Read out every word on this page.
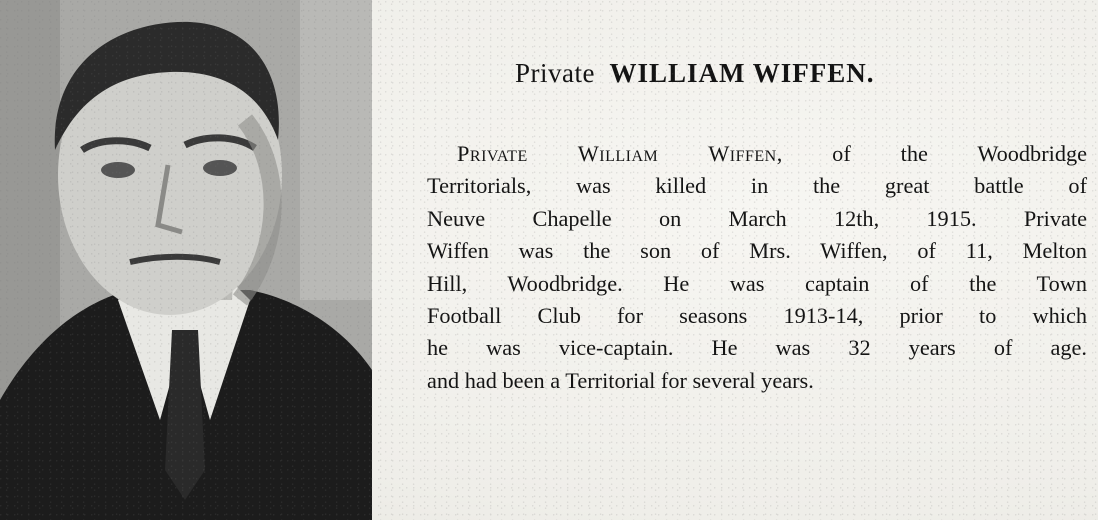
Private WILLIAM WIFFEN.
Private William Wiffen, of the Woodbridge
Territorials, was killed in the great battle of
Neuve Chapelle on March 12th, 1915. Private
Wiffen was the son of Mrs. Wiffen, of 11, Melton
Hill, Woodbridge. He was captain of the Town
Football Club for seasons 1913-14, prior to which
he was vice-captain. He was 32 years of age.
and had been a Territorial for several years.
